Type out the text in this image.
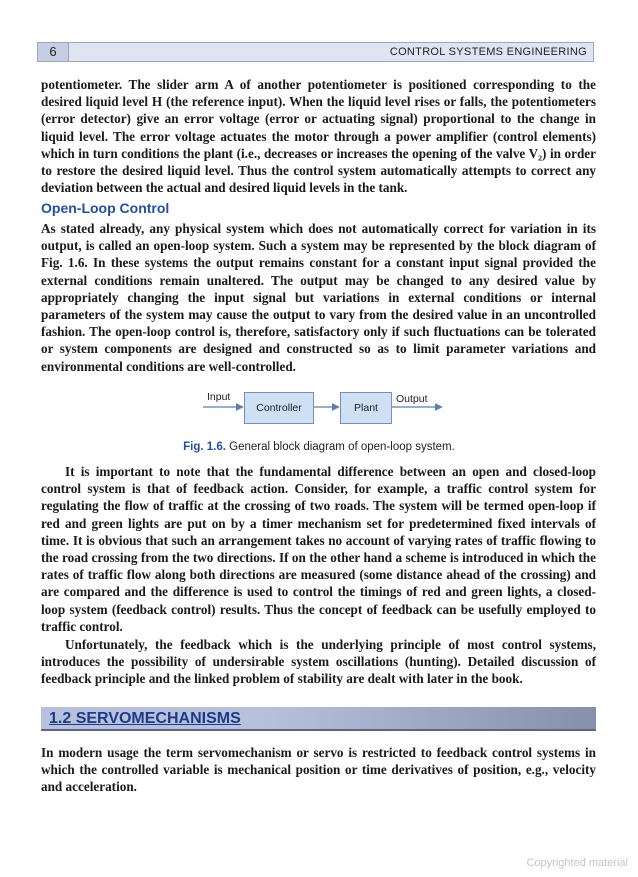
6	CONTROL SYSTEMS ENGINEERING

potentiometer. The slider arm A of another potentiometer is positioned corresponding to the desired liquid level H (the reference input). When the liquid level rises or falls, the potentiometers (error detector) give an error voltage (error or actuating signal) proportional to the change in liquid level. The error voltage actuates the motor through a power amplifier (control elements) which in turn conditions the plant (i.e., decreases or increases the opening of the valve V₂) in order to restore the desired liquid level. Thus the control system automatically attempts to correct any deviation between the actual and desired liquid levels in the tank.

Open-Loop Control

As stated already, any physical system which does not automatically correct for variation in its output, is called an open-loop system. Such a system may be represented by the block diagram of Fig. 1.6. In these systems the output remains constant for a constant input signal provided the external conditions remain unaltered. The output may be changed to any desired value by appropriately changing the input signal but variations in external conditions or internal parameters of the system may cause the output to vary from the desired value in an uncontrolled fashion. The open-loop control is, therefore, satisfactory only if such fluctuations can be tolerated or system components are designed and constructed so as to limit parameter variations and environmental conditions are well-controlled.

Input	Output
Controller	Plant

Fig. 1.6. General block diagram of open-loop system.

It is important to note that the fundamental difference between an open and closed-loop control system is that of feedback action. Consider, for example, a traffic control system for regulating the flow of traffic at the crossing of two roads. The system will be termed open-loop if red and green lights are put on by a timer mechanism set for predetermined fixed intervals of time. It is obvious that such an arrangement takes no account of varying rates of traffic flowing to the road crossing from the two directions. If on the other hand a scheme is introduced in which the rates of traffic flow along both directions are measured (some distance ahead of the crossing) and are compared and the difference is used to control the timings of red and green lights, a closed-loop system (feedback control) results. Thus the concept of feedback can be usefully employed to traffic control.

Unfortunately, the feedback which is the underlying principle of most control systems, introduces the possibility of undersirable system oscillations (hunting). Detailed discussion of feedback principle and the linked problem of stability are dealt with later in the book.

1.2 SERVOMECHANISMS

In modern usage the term servomechanism or servo is restricted to feedback control systems in which the controlled variable is mechanical position or time derivatives of position, e.g., velocity and acceleration.

Copyrighted material
